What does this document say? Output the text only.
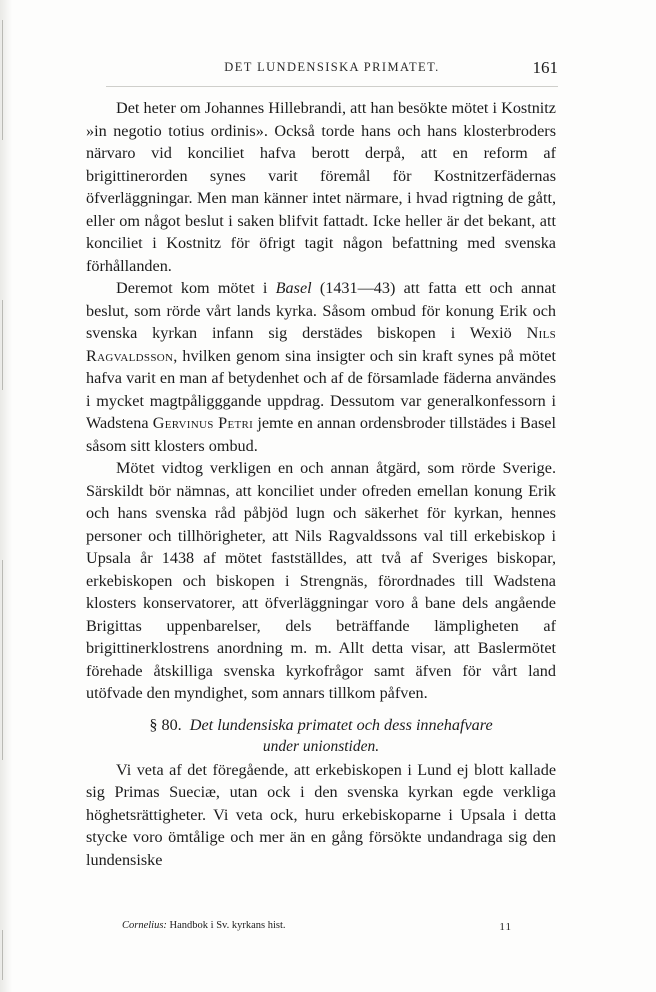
DET LUNDENSISKA PRIMATET.	161

Det heter om Johannes Hillebrandi, att han besökte mötet i Kostnitz »in negotio totius ordinis». Också torde hans och hans klosterbroders närvaro vid konciliet hafva berott derpå, att en reform af brigittinerorden synes varit föremål för Kostnitzerfädernas öfverläggningar. Men man känner intet närmare, i hvad rigtning de gått, eller om något beslut i saken blifvit fattadt. Icke heller är det bekant, att konciliet i Kostnitz för öfrigt tagit någon befattning med svenska förhållanden.

Deremot kom mötet i Basel (1431—43) att fatta ett och annat beslut, som rörde vårt lands kyrka. Såsom ombud för konung Erik och svenska kyrkan infann sig derstädes biskopen i Wexiö Nils Ragvaldsson, hvilken genom sina insigter och sin kraft synes på mötet hafva varit en man af betydenhet och af de församlade fäderna användes i mycket magtpåligggande uppdrag. Dessutom var generalkonfessorn i Wadstena Gervinus Petri jemte en annan ordensbroder tillstädes i Basel såsom sitt klosters ombud.

Mötet vidtog verkligen en och annan åtgärd, som rörde Sverige. Särskildt bör nämnas, att konciliet under ofreden emellan konung Erik och hans svenska råd påbjöd lugn och säkerhet för kyrkan, hennes personer och tillhörigheter, att Nils Ragvaldssons val till erkebiskop i Upsala år 1438 af mötet fastställdes, att två af Sveriges biskopar, erkebiskopen och biskopen i Strengnäs, förordnades till Wadstena klosters konservatorer, att öfverläggningar voro å bane dels angående Brigittas uppenbarelser, dels beträffande lämpligheten af brigittinerklostrens anordning m. m. Allt detta visar, att Baslermötet förehade åtskilliga svenska kyrkofrågor samt äfven för vårt land utöfvade den myndighet, som annars tillkom påfven.

§ 80. Det lundensiska primatet och dess innehafvare
under unionstiden.

Vi veta af det föregående, att erkebiskopen i Lund ej blott kallade sig Primas Sueciæ, utan ock i den svenska kyrkan egde verkliga höghetsrättigheter. Vi veta ock, huru erkebiskoparne i Upsala i detta stycke voro ömtålige och mer än en gång försökte undandraga sig den lundensiske

Cornelius: Handbok i Sv. kyrkans hist.	11
